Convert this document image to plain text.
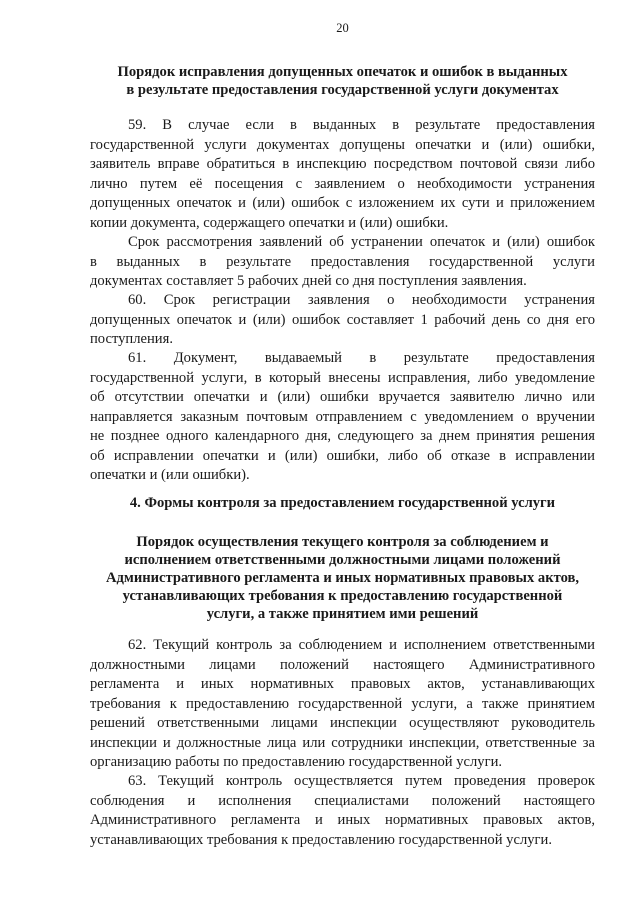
20
Порядок исправления допущенных опечаток и ошибок в выданных
в результате предоставления государственной услуги документах
59. В случае если в выданных в результате предоставления
государственной услуги документах допущены опечатки и (или) ошибки,
заявитель вправе обратиться в инспекцию посредством почтовой связи либо
лично путем её посещения с заявлением о необходимости устранения
допущенных опечаток и (или) ошибок с изложением их сути и приложением
копии документа, содержащего опечатки и (или) ошибки.
Срок рассмотрения заявлений об устранении опечаток и (или) ошибок
в выданных в результате предоставления государственной услуги
документах составляет 5 рабочих дней со дня поступления заявления.
60. Срок регистрации заявления о необходимости устранения
допущенных опечаток и (или) ошибок составляет 1 рабочий день со дня его
поступления.
61. Документ, выдаваемый в результате предоставления
государственной услуги, в который внесены исправления, либо уведомление
об отсутствии опечатки и (или) ошибки вручается заявителю лично или
направляется заказным почтовым отправлением с уведомлением о вручении
не позднее одного календарного дня, следующего за днем принятия решения
об исправлении опечатки и (или) ошибки, либо об отказе в исправлении
опечатки и (или ошибки).
4. Формы контроля за предоставлением государственной услуги
Порядок осуществления текущего контроля за соблюдением и
исполнением ответственными должностными лицами положений
Административного регламента и иных нормативных правовых актов,
устанавливающих требования к предоставлению государственной
услуги, а также принятием ими решений
62. Текущий контроль за соблюдением и исполнением ответственными
должностными лицами положений настоящего Административного
регламента и иных нормативных правовых актов, устанавливающих
требования к предоставлению государственной услуги, а также принятием
решений ответственными лицами инспекции осуществляют руководитель
инспекции и должностные лица или сотрудники инспекции, ответственные за
организацию работы по предоставлению государственной услуги.
63. Текущий контроль осуществляется путем проведения проверок
соблюдения и исполнения специалистами положений настоящего
Административного регламента и иных нормативных правовых актов,
устанавливающих требования к предоставлению государственной услуги.
